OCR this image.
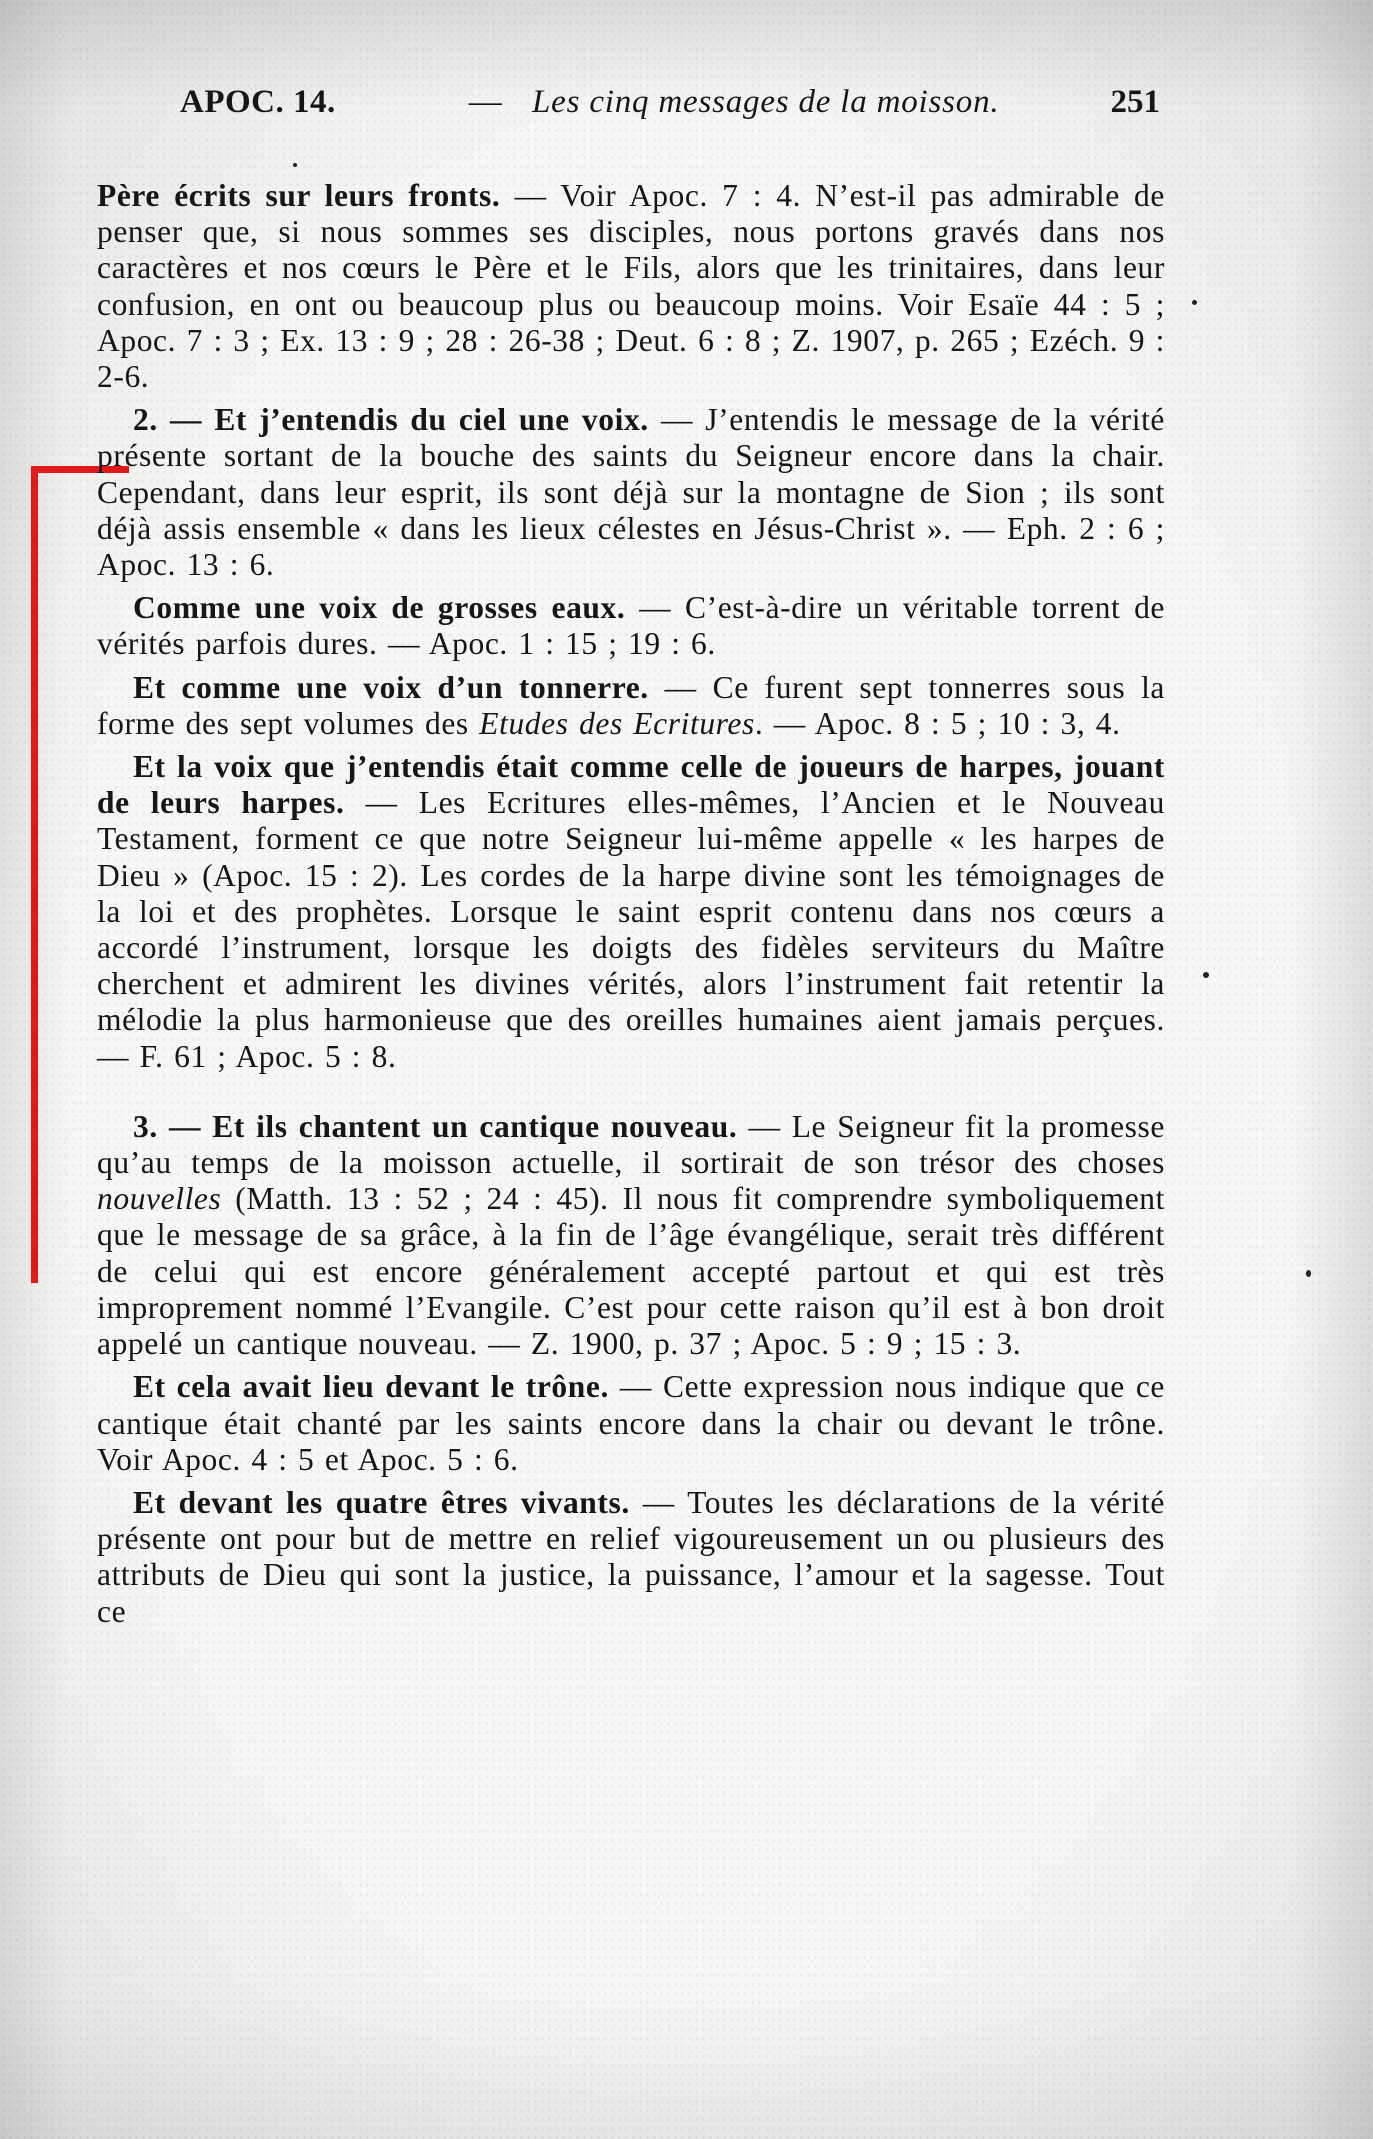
APOC. 14.	— Les cinq messages de la moisson.	251

Père écrits sur leurs fronts. — Voir Apoc. 7 : 4. N’est-il pas admirable de penser que, si nous sommes ses disciples, nous portons gravés dans nos caractères et nos cœurs le Père et le Fils, alors que les trinitaires, dans leur confusion, en ont ou beaucoup plus ou beaucoup moins. Voir Esaïe 44 : 5 ; Apoc. 7 : 3 ; Ex. 13 : 9 ; 28 : 26-38 ; Deut. 6 : 8 ; Z. 1907, p. 265 ; Ezéch. 9 : 2-6.

2. — Et j’entendis du ciel une voix. — J’entendis le message de la vérité présente sortant de la bouche des saints du Seigneur encore dans la chair. Cependant, dans leur esprit, ils sont déjà sur la montagne de Sion ; ils sont déjà assis ensemble « dans les lieux célestes en Jésus-Christ ». — Eph. 2 : 6 ; Apoc. 13 : 6.

Comme une voix de grosses eaux. — C’est-à-dire un véritable torrent de vérités parfois dures. — Apoc. 1 : 15 ; 19 : 6.

Et comme une voix d’un tonnerre. — Ce furent sept tonnerres sous la forme des sept volumes des Etudes des Ecritures. — Apoc. 8 : 5 ; 10 : 3, 4.

Et la voix que j’entendis était comme celle de joueurs de harpes, jouant de leurs harpes. — Les Ecritures elles-mêmes, l’Ancien et le Nouveau Testament, forment ce que notre Seigneur lui-même appelle « les harpes de Dieu » (Apoc. 15 : 2). Les cordes de la harpe divine sont les témoignages de la loi et des prophètes. Lorsque le saint esprit contenu dans nos cœurs a accordé l’instrument, lorsque les doigts des fidèles serviteurs du Maître cherchent et admirent les divines vérités, alors l’instrument fait retentir la mélodie la plus harmonieuse que des oreilles humaines aient jamais perçues. — F. 61 ; Apoc. 5 : 8.

3. — Et ils chantent un cantique nouveau. — Le Seigneur fit la promesse qu’au temps de la moisson actuelle, il sortirait de son trésor des choses nouvelles (Matth. 13 : 52 ; 24 : 45). Il nous fit comprendre symboliquement que le message de sa grâce, à la fin de l’âge évangélique, serait très différent de celui qui est encore généralement accepté partout et qui est très improprement nommé l’Evangile. C’est pour cette raison qu’il est à bon droit appelé un cantique nouveau. — Z. 1900, p. 37 ; Apoc. 5 : 9 ; 15 : 3.

Et cela avait lieu devant le trône. — Cette expression nous indique que ce cantique était chanté par les saints encore dans la chair ou devant le trône. Voir Apoc. 4 : 5 et Apoc. 5 : 6.

Et devant les quatre êtres vivants. — Toutes les déclarations de la vérité présente ont pour but de mettre en relief vigoureusement un ou plusieurs des attributs de Dieu qui sont la justice, la puissance, l’amour et la sagesse. Tout ce
